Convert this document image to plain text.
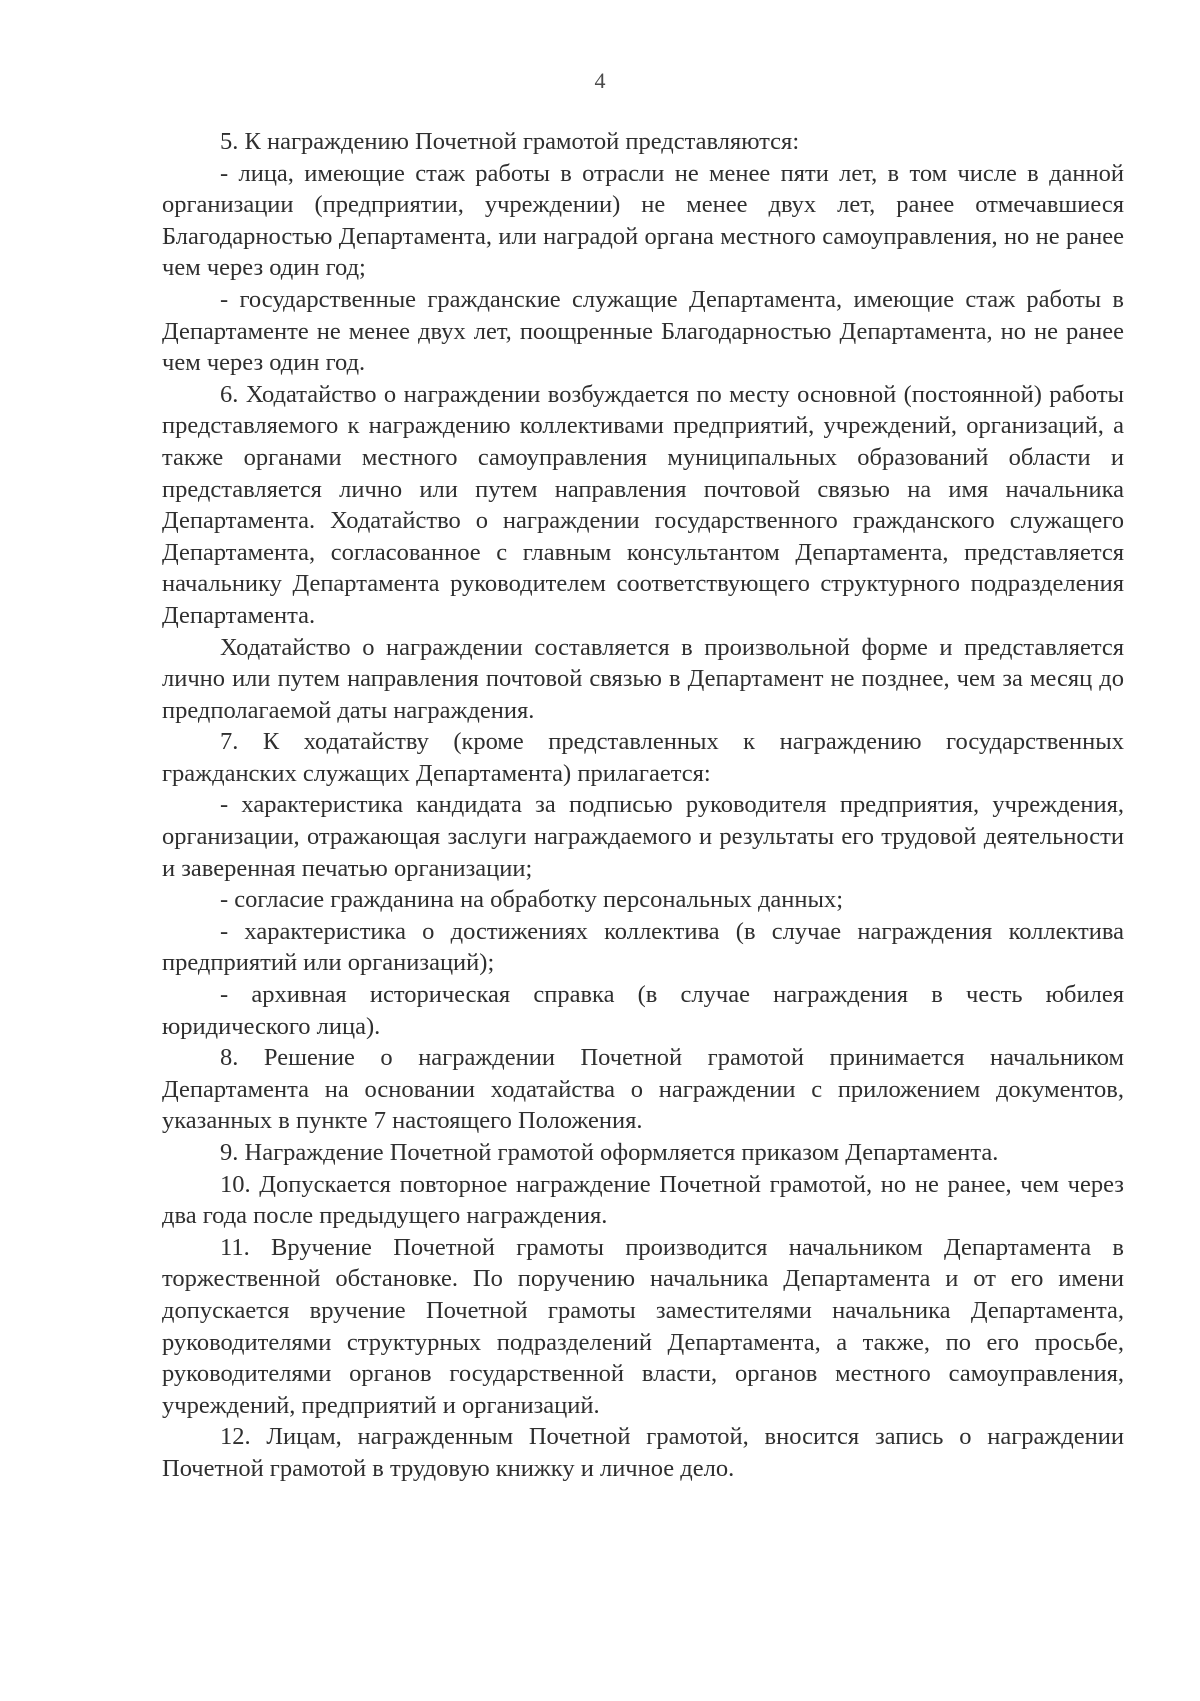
4

5. К награждению Почетной грамотой представляются:

- лица, имеющие стаж работы в отрасли не менее пяти лет, в том числе в данной организации (предприятии, учреждении) не менее двух лет, ранее отмечавшиеся Благодарностью Департамента, или наградой органа местного самоуправления, но не ранее чем через один год;

- государственные гражданские служащие Департамента, имеющие стаж работы в Департаменте не менее двух лет, поощренные Благодарностью Департамента, но не ранее чем через один год.

6. Ходатайство о награждении возбуждается по месту основной (постоянной) работы представляемого к награждению коллективами предприятий, учреждений, организаций, а также органами местного самоуправления муниципальных образований области и представляется лично или путем направления почтовой связью на имя начальника Департамента. Ходатайство о награждении государственного гражданского служащего Департамента, согласованное с главным консультантом Департамента, представляется начальнику Департамента руководителем соответствующего структурного подразделения Департамента.

Ходатайство о награждении составляется в произвольной форме и представляется лично или путем направления почтовой связью в Департамент не позднее, чем за месяц до предполагаемой даты награждения.

7. К ходатайству (кроме представленных к награждению государственных гражданских служащих Департамента) прилагается:

- характеристика кандидата за подписью руководителя предприятия, учреждения, организации, отражающая заслуги награждаемого и результаты его трудовой деятельности и заверенная печатью организации;

- согласие гражданина на обработку персональных данных;

- характеристика о достижениях коллектива (в случае награждения коллектива предприятий или организаций);

- архивная историческая справка (в случае награждения в честь юбилея юридического лица).

8. Решение о награждении Почетной грамотой принимается начальником Департамента на основании ходатайства о награждении с приложением документов, указанных в пункте 7 настоящего Положения.

9. Награждение Почетной грамотой оформляется приказом Департамента.

10. Допускается повторное награждение Почетной грамотой, но не ранее, чем через два года после предыдущего награждения.

11. Вручение Почетной грамоты производится начальником Департамента в торжественной обстановке. По поручению начальника Департамента и от его имени допускается вручение Почетной грамоты заместителями начальника Департамента, руководителями структурных подразделений Департамента, а также, по его просьбе, руководителями органов государственной власти, органов местного самоуправления, учреждений, предприятий и организаций.

12. Лицам, награжденным Почетной грамотой, вносится запись о награждении Почетной грамотой в трудовую книжку и личное дело.
